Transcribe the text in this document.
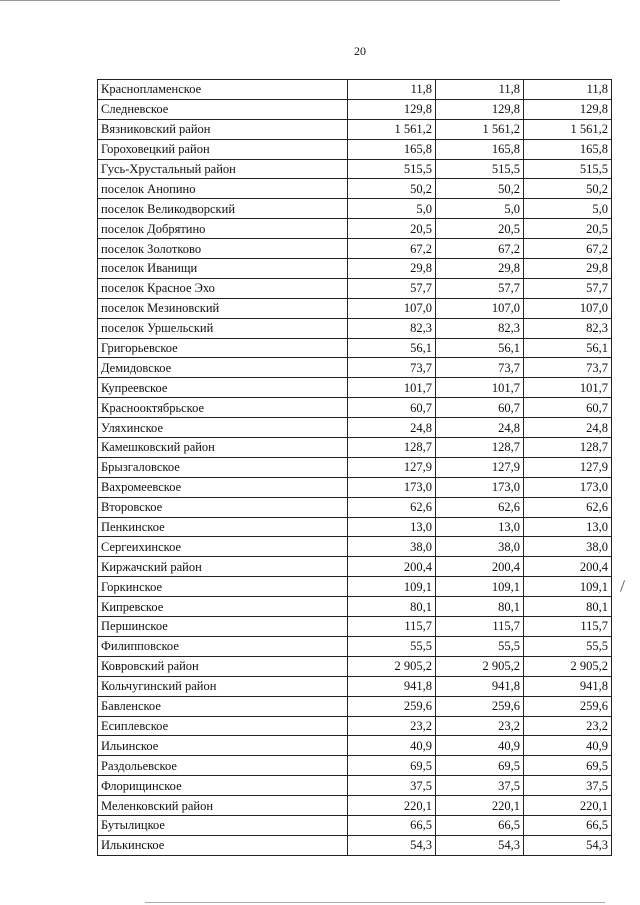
20
Краснопламенское	11,8	11,8	11,8
Следневское	129,8	129,8	129,8
Вязниковский район	1 561,2	1 561,2	1 561,2
Гороховецкий район	165,8	165,8	165,8
Гусь-Хрустальный район	515,5	515,5	515,5
поселок Анопино	50,2	50,2	50,2
поселок Великодворский	5,0	5,0	5,0
поселок Добрятино	20,5	20,5	20,5
поселок Золотково	67,2	67,2	67,2
поселок Иванищи	29,8	29,8	29,8
поселок Красное Эхо	57,7	57,7	57,7
поселок Мезиновский	107,0	107,0	107,0
поселок Уршельский	82,3	82,3	82,3
Григорьевское	56,1	56,1	56,1
Демидовское	73,7	73,7	73,7
Купреевское	101,7	101,7	101,7
Краснооктябрьское	60,7	60,7	60,7
Уляхинское	24,8	24,8	24,8
Камешковский район	128,7	128,7	128,7
Брызгаловское	127,9	127,9	127,9
Вахромеевское	173,0	173,0	173,0
Второвское	62,6	62,6	62,6
Пенкинское	13,0	13,0	13,0
Сергеихинское	38,0	38,0	38,0
Киржачский район	200,4	200,4	200,4
Горкинское	109,1	109,1	109,1
Кипревское	80,1	80,1	80,1
Першинское	115,7	115,7	115,7
Филипповское	55,5	55,5	55,5
Ковровский район	2 905,2	2 905,2	2 905,2
Кольчугинский район	941,8	941,8	941,8
Бавленское	259,6	259,6	259,6
Есиплевское	23,2	23,2	23,2
Ильинское	40,9	40,9	40,9
Раздольевское	69,5	69,5	69,5
Флорищинское	37,5	37,5	37,5
Меленковский район	220,1	220,1	220,1
Бутылицкое	66,5	66,5	66,5
Илькинское	54,3	54,3	54,3
